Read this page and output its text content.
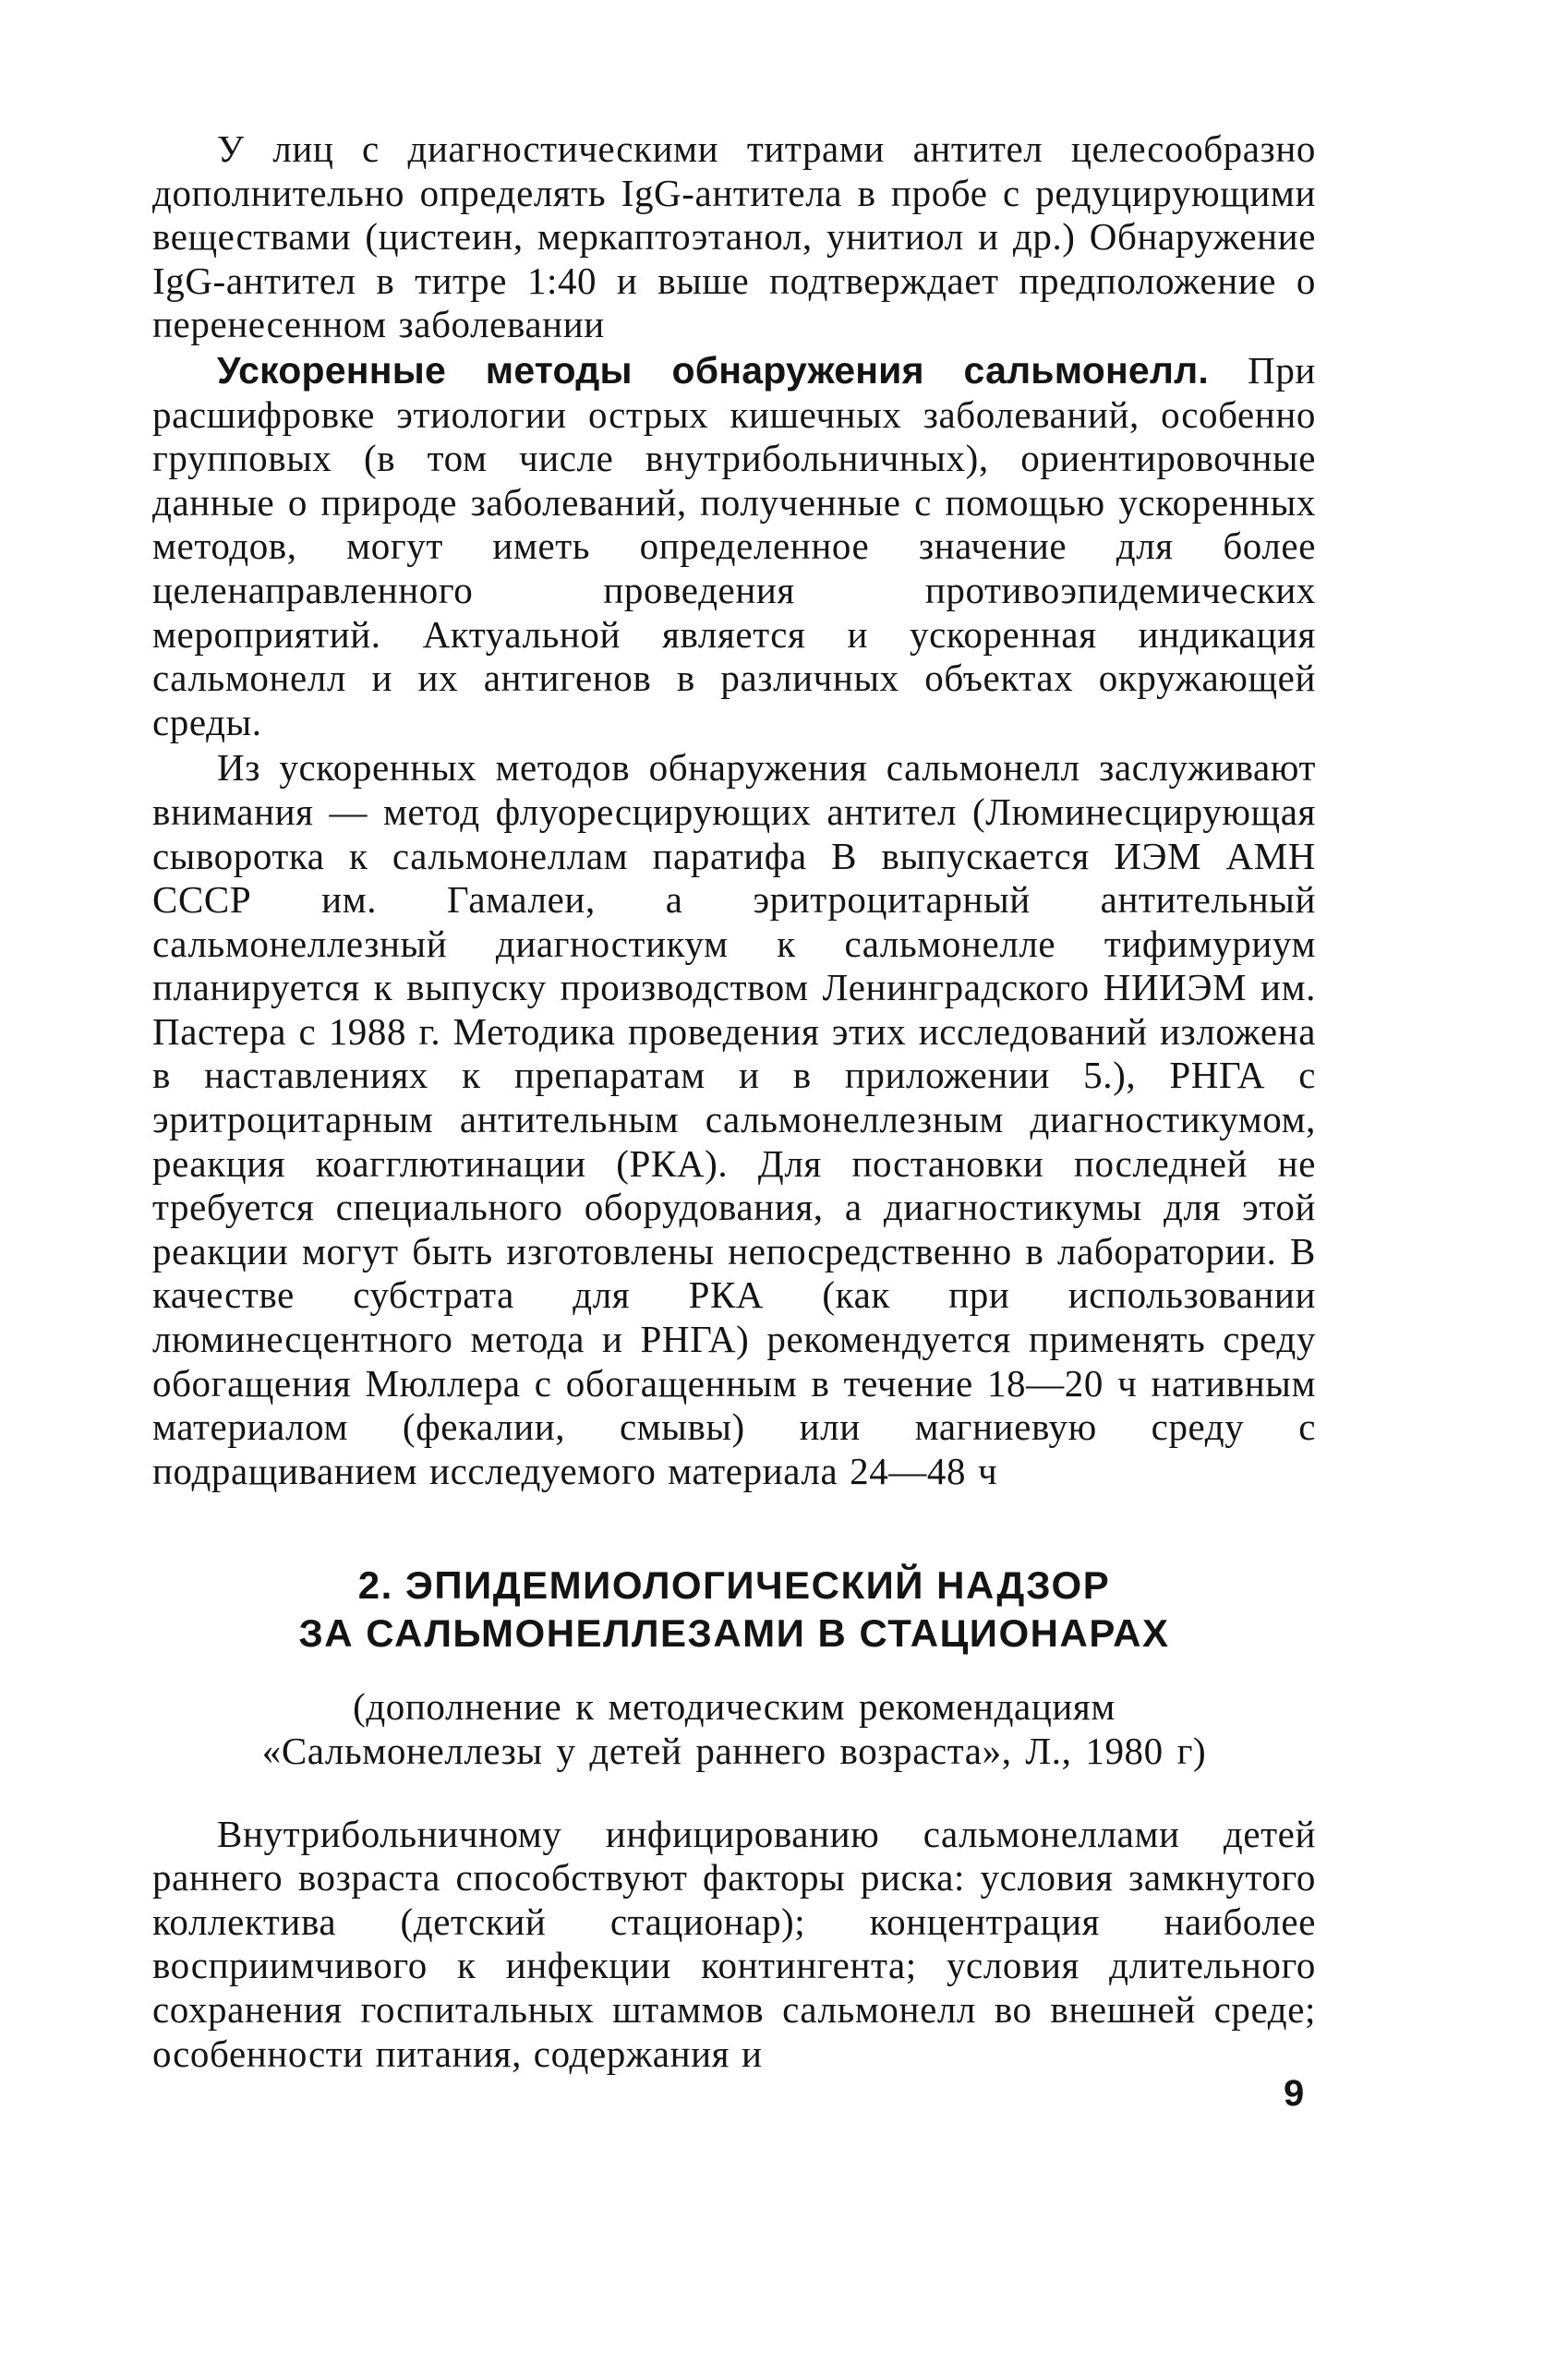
У лиц с диагностическими титрами антител целесообразно дополнительно определять IgG-антитела в пробе с редуцирующими веществами (цистеин, меркаптоэтанол, унитиол и др.) Обнаружение IgG-антител в титре 1:40 и выше подтверждает предположение о перенесенном заболевании

Ускоренные методы обнаружения сальмонелл. При расшифровке этиологии острых кишечных заболеваний, особенно групповых (в том числе внутрибольничных), ориентировочные данные о природе заболеваний, полученные с помощью ускоренных методов, могут иметь определенное значение для более целенаправленного проведения противоэпидемических мероприятий. Актуальной является и ускоренная индикация сальмонелл и их антигенов в различных объектах окружающей среды.

Из ускоренных методов обнаружения сальмонелл заслуживают внимания — метод флуоресцирующих антител (Люминесцирующая сыворотка к сальмонеллам паратифа В выпускается ИЭМ АМН СССР им. Гамалеи, а эритроцитарный антительный сальмонеллезный диагностикум к сальмонелле тифимуриум планируется к выпуску производством Ленинградского НИИЭМ им. Пастера с 1988 г. Методика проведения этих исследований изложена в наставлениях к препаратам и в приложении 5.), РНГА с эритроцитарным антительным сальмонеллезным диагностикумом, реакция коагглютинации (РКА). Для постановки последней не требуется специального оборудования, а диагностикумы для этой реакции могут быть изготовлены непосредственно в лаборатории. В качестве субстрата для РКА (как при использовании люминесцентного метода и РНГА) рекомендуется применять среду обогащения Мюллера с обогащенным в течение 18—20 ч нативным материалом (фекалии, смывы) или магниевую среду с подращиванием исследуемого материала 24—48 ч

2. ЭПИДЕМИОЛОГИЧЕСКИЙ НАДЗОР
ЗА САЛЬМОНЕЛЛЕЗАМИ В СТАЦИОНАРАХ

(дополнение к методическим рекомендациям
«Сальмонеллезы у детей раннего возраста», Л., 1980 г)

Внутрибольничному инфицированию сальмонеллами детей раннего возраста способствуют факторы риска: условия замкнутого коллектива (детский стационар); концентрация наиболее восприимчивого к инфекции контингента; условия длительного сохранения госпитальных штаммов сальмонелл во внешней среде; особенности питания, содержания и

9
